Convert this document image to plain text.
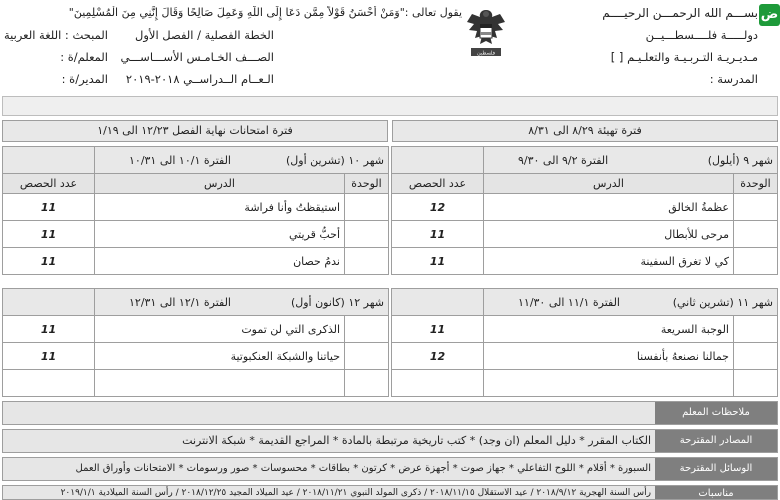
ض
بســـم الله الرحمـــن الرحيــــم
يقول تعالى :"وَمَنْ أَحْسَنُ قَوْلاً مِمَّن دَعَا إِلَى اللَّهِ وَعَمِلَ صَالِحًا وَقَالَ إِنَّنِي مِنَ الْمُسْلِمِينَ"
دولـــــة فلــــسطـــيــن
مـديـريـة التـربـيـة والتعلـيـم [ ]
المدرسة :
فلسطين
الخطة الفصلية / الفصل الأول
الصـــف الخـامـس الأســـاســـي
الـعــام الــدراســي ٢٠١٨-٢٠١٩
المبحث : اللغة العربية
المعلم/ة :
المدير/ة :
فترة تهيئة ٨/٢٩ الى ٨/٣١
فترة امتحانات نهاية الفصل ١٢/٢٣ الى ١/١٩
شهر ٩ (أيلول)
الفترة ٩/٢ الى ٩/٣٠		

الوحدة	الدرس	عدد الحصص
	عظمةُ الخالق	12
	مرحى للأبطال	11
	كي لا تغرق السفينة	11
شهر ١٠ (تشرين أول)
الفترة ١٠/١ الى ١٠/٣١		

الوحدة	الدرس	عدد الحصص
	استيقظتُ وأنا فراشة	11
	أحبُّ قريتي	11
	ندمُ حصان	11
شهر ١١ (تشرين ثاني)
الفترة ١١/١ الى ١١/٣٠		

	الوجبة السريعة	11
	جمالنا نصنعهُ بأنفسنا	12

شهر ١٢ (كانون أول)
الفترة ١٢/١ الى ١٢/٣١		

	الذكرى التي لن تموت	11
	حياتنا والشبكة العنكبوتية	11

ملاحظات المعلم
المصادر المقترحة
الكتاب المقرر * دليل المعلم (ان وجد) * كتب تاريخية مرتبطة بالمادة * المراجع القديمة * شبكة الانترنت
الوسائل المقترحة
السبورة * أقلام * اللوح التفاعلي * جهاز صوت * أجهزة عرض * كرتون * بطاقات * محسوسات * صور ورسومات * الامتحانات وأوراق العمل
مناسبات
رأس السنة الهجرية ٢٠١٨/٩/١٢ / عيد الاستقلال ٢٠١٨/١١/١٥ / ذكرى المولد النبوي ٢٠١٨/١١/٢١ / عيد الميلاد المجيد ٢٠١٨/١٢/٢٥ / رأس السنة الميلادية ٢٠١٩/١/١
